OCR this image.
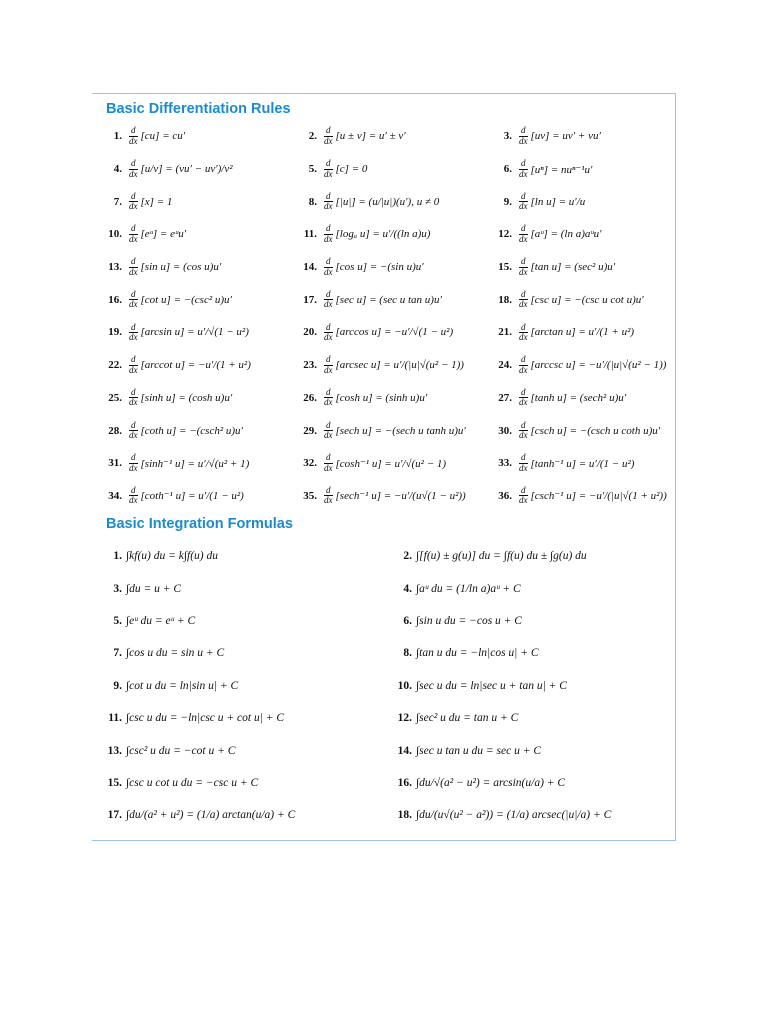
Basic Differentiation Rules
1. $\frac{d}{dx} [cu] = cu'$	2. $\frac{d}{dx} [u \pm v] = u' \pm v'$	3. $\frac{d}{dx} [uv] = uv' + vu'$
4. $\frac{d}{dx} [u/v] = (vu' - uv')/v^2$	5. $\frac{d}{dx} [c] = 0$	6. $\frac{d}{dx} [u^n] = nu^{n-1}u'$
7. $\frac{d}{dx} [x] = 1$	8. $\frac{d}{dx} [|u|] = (u/|u|)(u')$, u ≠ 0	9. $\frac{d}{dx} [\ln$ u] = u′/u
10. $\frac{d}{dx}$ [eᵘ] = eᵘu′	11. $\frac{d}{dx} [\log_a$ u] = u′/((ln a)u)	12. $\frac{d}{dx}$ [aᵘ] = (ln a)aᵘu′
13. $\frac{d}{dx} [\sin$ u] = (cos u)u′	14. $\frac{d}{dx} [\cos$ u] = −(sin u)u′	15. $\frac{d}{dx} [\tan$ u] = (sec² u)u′
16. $\frac{d}{dx} [\cot$ u] = −(csc² u)u′	17. $\frac{d}{dx} [\sec$ u] = (sec u tan u)u′	18. $\frac{d}{dx} [\csc$ u] = −(csc u cot u)u′
19. $\frac{d}{dx} [\arcsin$ u] = u′/√(1 − u²)	20. $\frac{d}{dx} [\arccos$ u] = −u′/√(1 − u²)	21. $\frac{d}{dx} [\arctan$ u] = u′/(1 + u²)
22. $\frac{d}{dx} [arccot$ u] = −u′/(1 + u²)	23. $\frac{d}{dx} [arcsec$ u] = u′/(|u|√(u² − 1))	24. $\frac{d}{dx} [arccsc$ u] = −u′/(|u|√(u² − 1))
25. $\frac{d}{dx} [\sinh$ u] = (cosh u)u′	26. $\frac{d}{dx} [\cosh$ u] = (sinh u)u′	27. $\frac{d}{dx} [\tanh$ u] = (sech² u)u′
28. $\frac{d}{dx} [\cot h$ u] = −(csch² u)u′	29. $\frac{d}{dx} [\sec h$ u] = −(sech u tanh u)u′	30. $\frac{d}{dx} [\csc h$ u] = −(csch u coth u)u′
31. $\frac{d}{dx} [\sinh^{-1}$ u] = u′/√(u² + 1)	32. $\frac{d}{dx} [\cosh^{-1}$ u] = u′/√(u² − 1)	33. $\frac{d}{dx} [\tanh^{-1}$ u] = u′/(1 − u²)
34. $\frac{d}{dx} [\cot h^{-1}$ u] = u′/(1 − u²)	35. $\frac{d}{dx} [\sec h^{-1}$ u] = −u′/(u√(1 − u²))	36. $\frac{d}{dx} [\csc h^{-1}$ u] = −u′/(|u|√(1 + u²))
Basic Integration Formulas
1. ∫kf(u) du = k∫f(u) du	2. ∫[f(u) ± g(u)] du = ∫f(u) du ± ∫g(u) du
3. ∫du = u + C	4. ∫aᵘ du = (1/ln a)aᵘ + C
5. ∫eᵘ du = eᵘ + C	6. ∫sin u du = −cos u + C
7. ∫cos u du = sin u + C	8. ∫tan u du = −ln|cos u| + C
9. ∫cot u du = ln|sin u| + C	10. ∫sec u du = ln|sec u + tan u| + C
11. ∫csc u du = −ln|csc u + cot u| + C	12. ∫sec² u du = tan u + C
13. ∫csc² u du = −cot u + C	14. ∫sec u tan u du = sec u + C
15. ∫csc u cot u du = −csc u + C	16. ∫du/√(a² − u²) = arcsin(u/a) + C
17. ∫du/(a² + u²) = (1/a) arctan(u/a) + C	18. ∫du/(u√(u² − a²)) = (1/a) arcsec(|u|/a) + C
